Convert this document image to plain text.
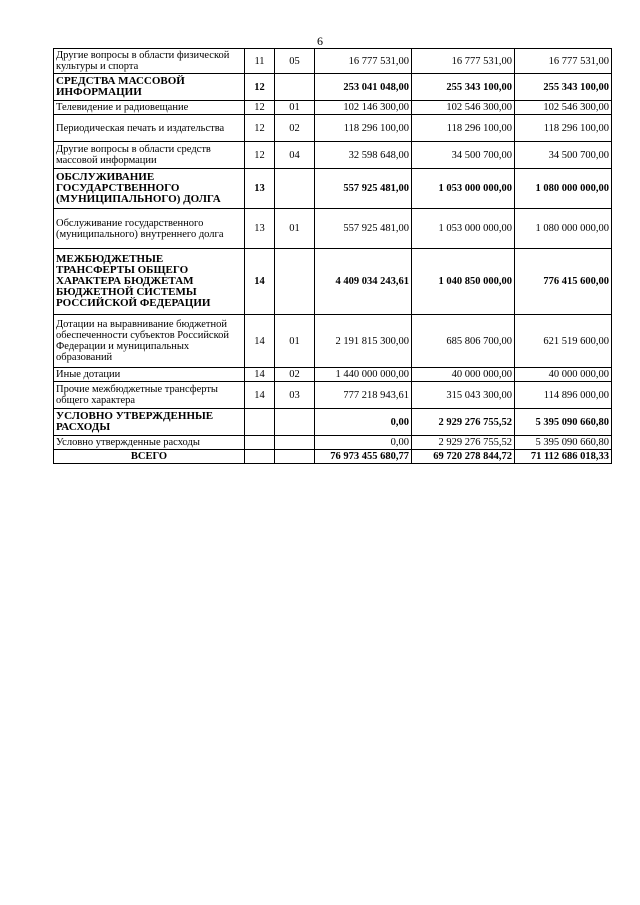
6
Другие вопросы в области физической культуры и спорта	11	05	16 777 531,00	16 777 531,00	16 777 531,00
СРЕДСТВА МАССОВОЙ ИНФОРМАЦИИ	12		253 041 048,00	255 343 100,00	255 343 100,00
Телевидение и радиовещание	12	01	102 146 300,00	102 546 300,00	102 546 300,00
Периодическая печать и издательства	12	02	118 296 100,00	118 296 100,00	118 296 100,00
Другие вопросы в области средств массовой информации	12	04	32 598 648,00	34 500 700,00	34 500 700,00
ОБСЛУЖИВАНИЕ ГОСУДАРСТВЕННОГО (МУНИЦИПАЛЬНОГО) ДОЛГА	13		557 925 481,00	1 053 000 000,00	1 080 000 000,00
Обслуживание государственного (муниципального) внутреннего долга	13	01	557 925 481,00	1 053 000 000,00	1 080 000 000,00
МЕЖБЮДЖЕТНЫЕ ТРАНСФЕРТЫ ОБЩЕГО ХАРАКТЕРА БЮДЖЕТАМ БЮДЖЕТНОЙ СИСТЕМЫ РОССИЙСКОЙ ФЕДЕРАЦИИ	14		4 409 034 243,61	1 040 850 000,00	776 415 600,00
Дотации на выравнивание бюджетной обеспеченности субъектов Российской Федерации и муниципальных образований	14	01	2 191 815 300,00	685 806 700,00	621 519 600,00
Иные дотации	14	02	1 440 000 000,00	40 000 000,00	40 000 000,00
Прочие межбюджетные трансферты общего характера	14	03	777 218 943,61	315 043 300,00	114 896 000,00
УСЛОВНО УТВЕРЖДЕННЫЕ РАСХОДЫ			0,00	2 929 276 755,52	5 395 090 660,80
Условно утвержденные расходы			0,00	2 929 276 755,52	5 395 090 660,80
ВСЕГО			76 973 455 680,77	69 720 278 844,72	71 112 686 018,33
